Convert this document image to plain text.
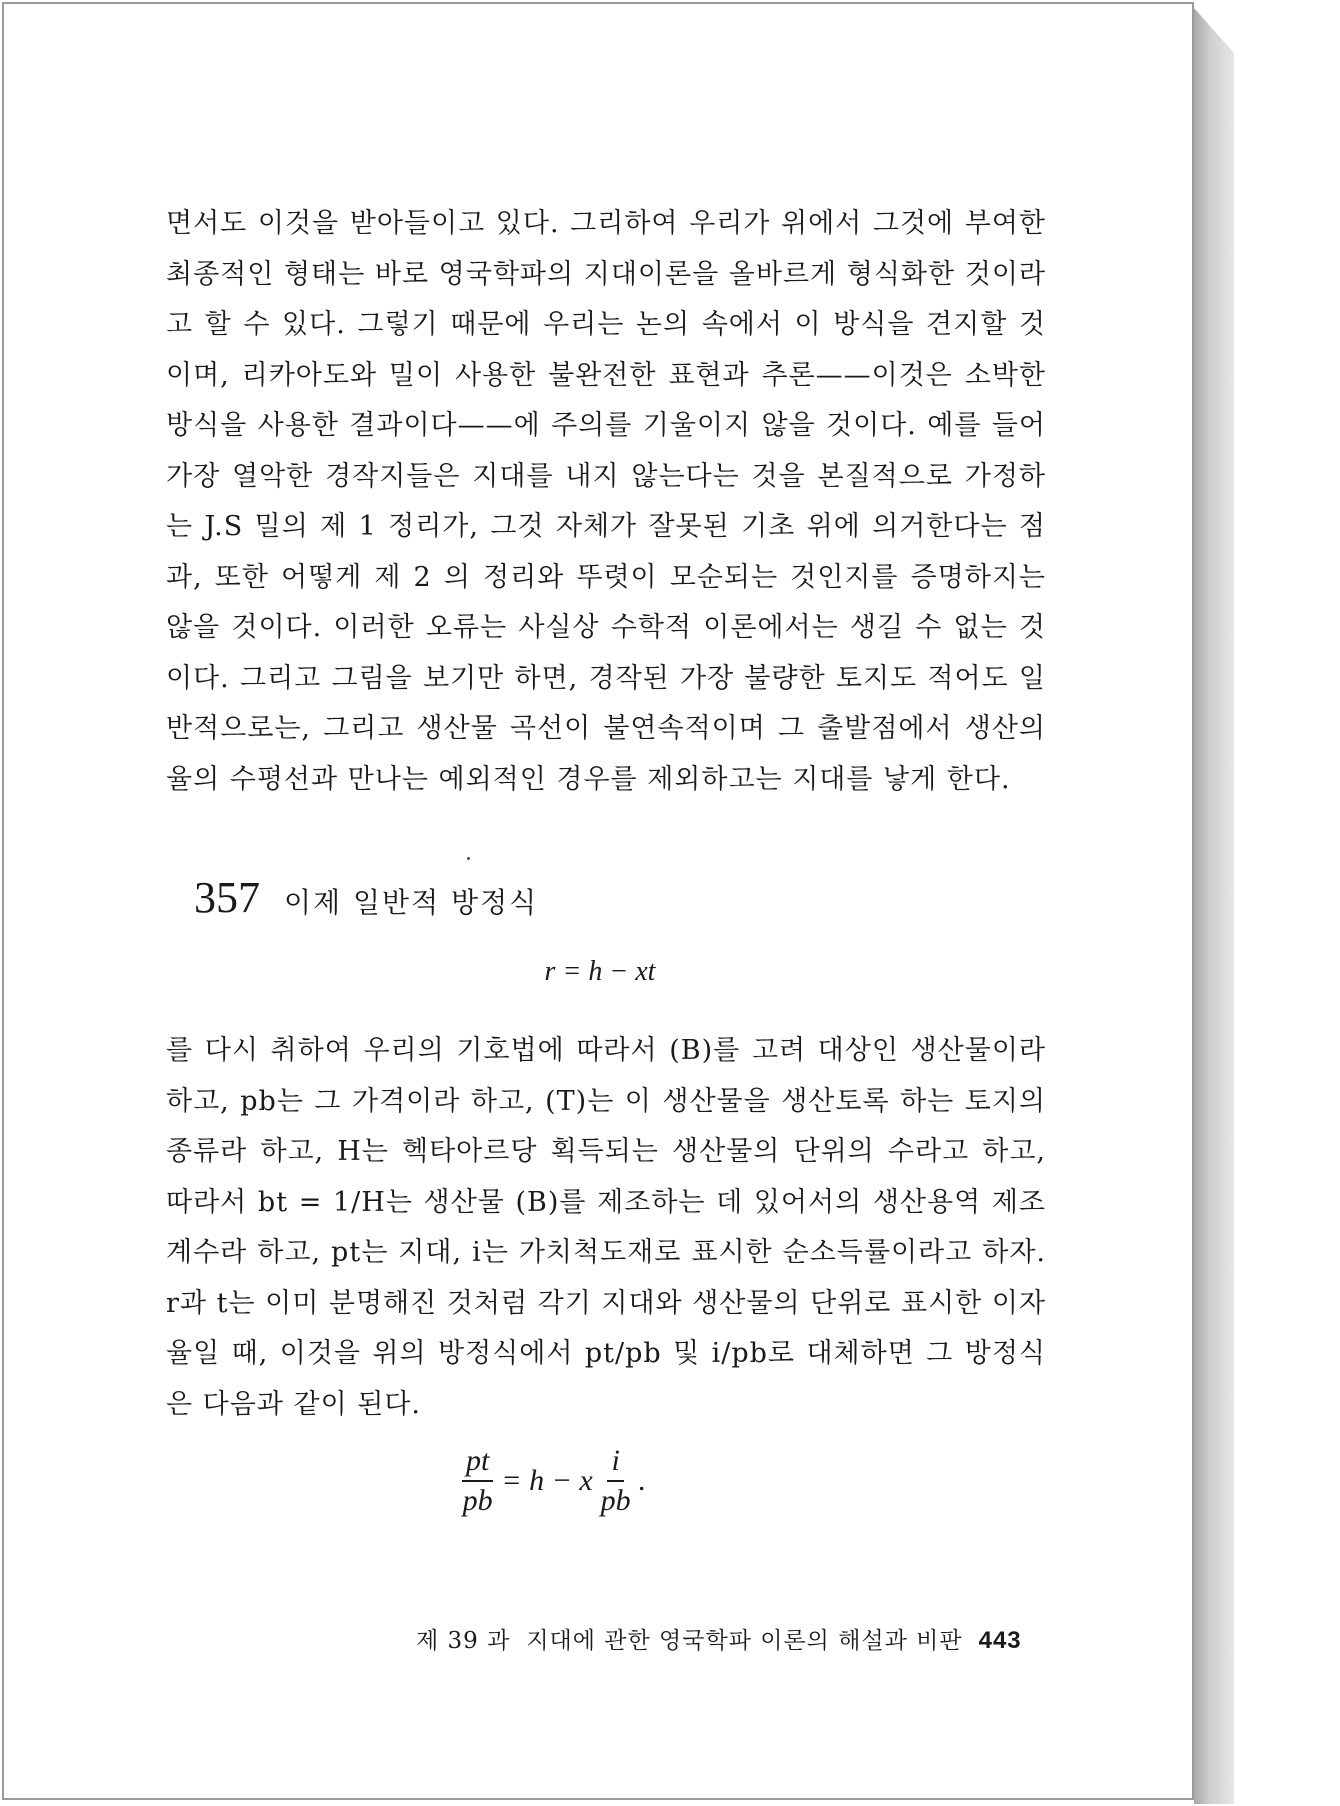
면서도 이것을 받아들이고 있다. 그리하여 우리가 위에서 그것에 부여한 최종적인 형태는 바로 영국학파의 지대이론을 올바르게 형식화한 것이라고 할 수 있다. 그렇기 때문에 우리는 논의 속에서 이 방식을 견지할 것이며, 리카아도와 밀이 사용한 불완전한 표현과 추론——이것은 소박한 방식을 사용한 결과이다——에 주의를 기울이지 않을 것이다. 예를 들어 가장 열악한 경작지들은 지대를 내지 않는다는 것을 본질적으로 가정하는 J.S 밀의 제 1 정리가, 그것 자체가 잘못된 기초 위에 의거한다는 점과, 또한 어떻게 제 2 의 정리와 뚜렷이 모순되는 것인지를 증명하지는 않을 것이다. 이러한 오류는 사실상 수학적 이론에서는 생길 수 없는 것이다. 그리고 그림을 보기만 하면, 경작된 가장 불량한 토지도 적어도 일반적으로는, 그리고 생산물 곡선이 불연속적이며 그 출발점에서 생산의 율의 수평선과 만나는 예외적인 경우를 제외하고는 지대를 낳게 한다.

357 이제 일반적 방정식
r = h − xt

를 다시 취하여 우리의 기호법에 따라서 (B)를 고려 대상인 생산물이라 하고, pb는 그 가격이라 하고, (T)는 이 생산물을 생산토록 하는 토지의 종류라 하고, H는 헥타아르당 획득되는 생산물의 단위의 수라고 하고, 따라서 bt = 1/H는 생산물 (B)를 제조하는 데 있어서의 생산용역 제조계수라 하고, pt는 지대, i는 가치척도재로 표시한 순소득률이라고 하자. r과 t는 이미 분명해진 것처럼 각기 지대와 생산물의 단위로 표시한 이자율일 때, 이것을 위의 방정식에서 pt/pb 및 i/pb로 대체하면 그 방정식은 다음과 같이 된다.

$\frac{pt}{pb} = h - x \frac{i}{pb}$ .
제 39 과 지대에 관한 영국학파 이론의 해설과 비판 443
